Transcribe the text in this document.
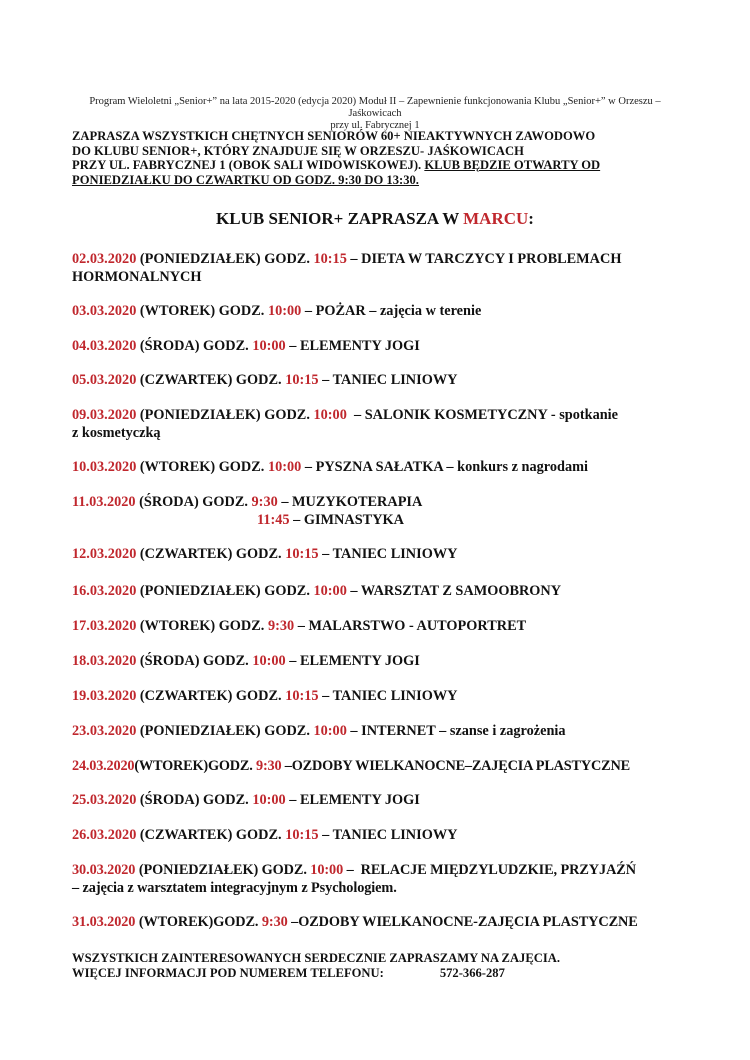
Program Wieloletni „Senior+” na lata 2015-2020 (edycja 2020) Moduł II – Zapewnienie funkcjonowania Klubu „Senior+” w Orzeszu – Jaśkowicach
przy ul. Fabrycznej 1
ZAPRASZA WSZYSTKICH CHĘTNYCH SENIORÓW 60+ NIEAKTYWNYCH ZAWODOWO
DO KLUBU SENIOR+, KTÓRY ZNAJDUJE SIĘ W ORZESZU- JAŚKOWICACH
PRZY UL. FABRYCZNEJ 1 (OBOK SALI WIDOWISKOWEJ). KLUB BĘDZIE OTWARTY OD
PONIEDZIAŁKU DO CZWARTKU OD GODZ. 9:30 DO 13:30.
KLUB SENIOR+ ZAPRASZA W MARCU:
02.03.2020 (PONIEDZIAŁEK) GODZ. 10:15 – DIETA W TARCZYCY I PROBLEMACH
HORMONALNYCH
03.03.2020 (WTOREK) GODZ. 10:00 – POŻAR – zajęcia w terenie
04.03.2020 (ŚRODA) GODZ. 10:00 – ELEMENTY JOGI
05.03.2020 (CZWARTEK) GODZ. 10:15 – TANIEC LINIOWY
09.03.2020 (PONIEDZIAŁEK) GODZ. 10:00  – SALONIK KOSMETYCZNY - spotkanie
z kosmetyczką
10.03.2020 (WTOREK) GODZ. 10:00 – PYSZNA SAŁATKA – konkurs z nagrodami
11.03.2020 (ŚRODA) GODZ. 9:30 – MUZYKOTERAPIA
11:45 – GIMNASTYKA
12.03.2020 (CZWARTEK) GODZ. 10:15 – TANIEC LINIOWY
16.03.2020 (PONIEDZIAŁEK) GODZ. 10:00 – WARSZTAT Z SAMOOBRONY
17.03.2020 (WTOREK) GODZ. 9:30 – MALARSTWO - AUTOPORTRET
18.03.2020 (ŚRODA) GODZ. 10:00 – ELEMENTY JOGI
19.03.2020 (CZWARTEK) GODZ. 10:15 – TANIEC LINIOWY
23.03.2020 (PONIEDZIAŁEK) GODZ. 10:00 – INTERNET – szanse i zagrożenia
24.03.2020(WTOREK)GODZ. 9:30 –OZDOBY WIELKANOCNE–ZAJĘCIA PLASTYCZNE
25.03.2020 (ŚRODA) GODZ. 10:00 – ELEMENTY JOGI
26.03.2020 (CZWARTEK) GODZ. 10:15 – TANIEC LINIOWY
30.03.2020 (PONIEDZIAŁEK) GODZ. 10:00 –  RELACJE MIĘDZYLUDZKIE, PRZYJAŹŃ
– zajęcia z warsztatem integracyjnym z Psychologiem.
31.03.2020 (WTOREK)GODZ. 9:30 –OZDOBY WIELKANOCNE-ZAJĘCIA PLASTYCZNE
WSZYSTKICH ZAINTERESOWANYCH SERDECZNIE ZAPRASZAMY NA ZAJĘCIA.
WIĘCEJ INFORMACJI POD NUMEREM TELEFONU:	572-366-287
